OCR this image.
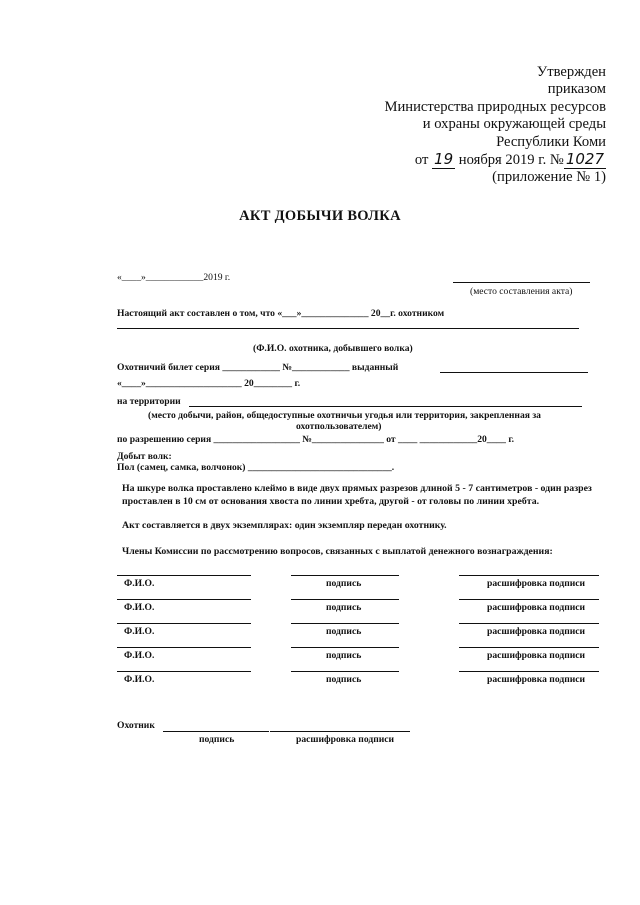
Утвержден
приказом
Министерства природных ресурсов
и охраны окружающей среды
Республики Коми
от 19 ноября 2019 г. № 1027
(приложение № 1)
АКТ ДОБЫЧИ ВОЛКА
«____»____________2019 г.
(место составления акта)
Настоящий акт составлен о том, что «___»______________ 20__г. охотником
(Ф.И.О. охотника, добывшего волка)
Охотничий билет серия ____________ №____________ выданный
«____»____________________ 20________ г.
на территории
(место добычи, район, общедоступные охотничьи угодья или территория, закрепленная за
охотпользователем)
по разрешению серия __________________ №_______________ от ____ ____________20____ г.
Добыт волк:
Пол (самец, самка, волчонок) ______________________________.
На шкуре волка проставлено клеймо в виде двух прямых разрезов длиной 5 - 7 сантиметров - один разрез проставлен в 10 см от основания хвоста по линии хребта, другой - от головы по линии хребта.
Акт составляется в двух экземплярах: один экземпляр передан охотнику.
Члены Комиссии по рассмотрению вопросов, связанных с выплатой денежного вознаграждения:
Ф.И.О.	подпись	расшифровка подписи
Ф.И.О.	подпись	расшифровка подписи
Ф.И.О.	подпись	расшифровка подписи
Ф.И.О.	подпись	расшифровка подписи
Ф.И.О.	подпись	расшифровка подписи
Охотник
подпись	расшифровка подписи
